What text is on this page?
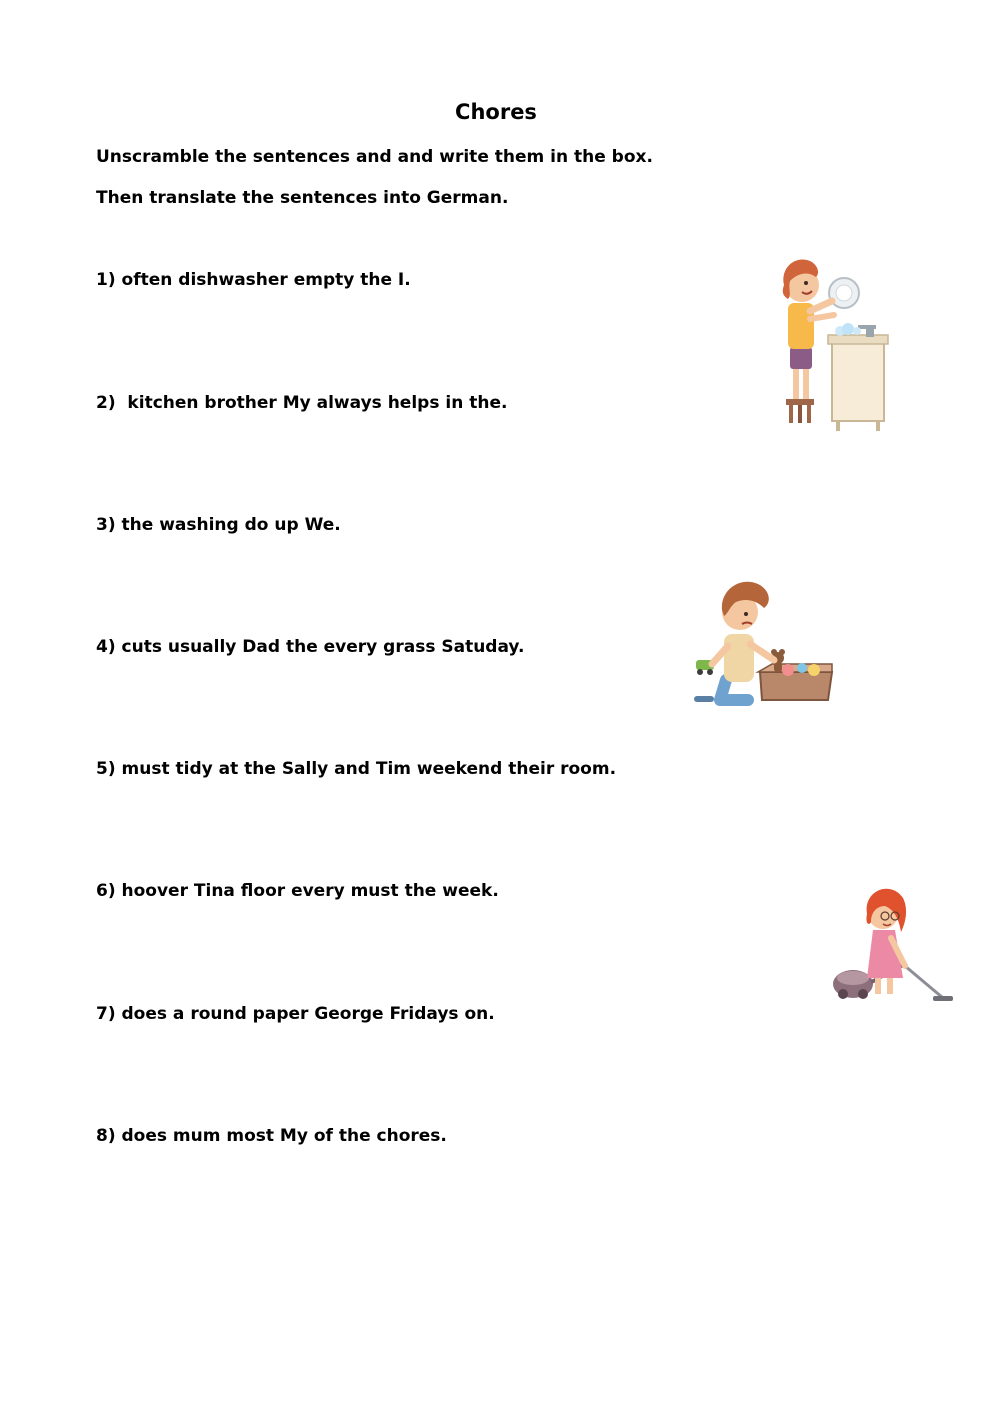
Chores
Unscramble the sentences and and write them in the box.
Then translate the sentences into German.
1) often dishwasher empty the I.
2)  kitchen brother My always helps in the.
3) the washing do up We.
4) cuts usually Dad the every grass Satuday.
5) must tidy at the Sally and Tim weekend their room.
6) hoover Tina floor every must the week.
7) does a round paper George Fridays on.
8) does mum most My of the chores.
